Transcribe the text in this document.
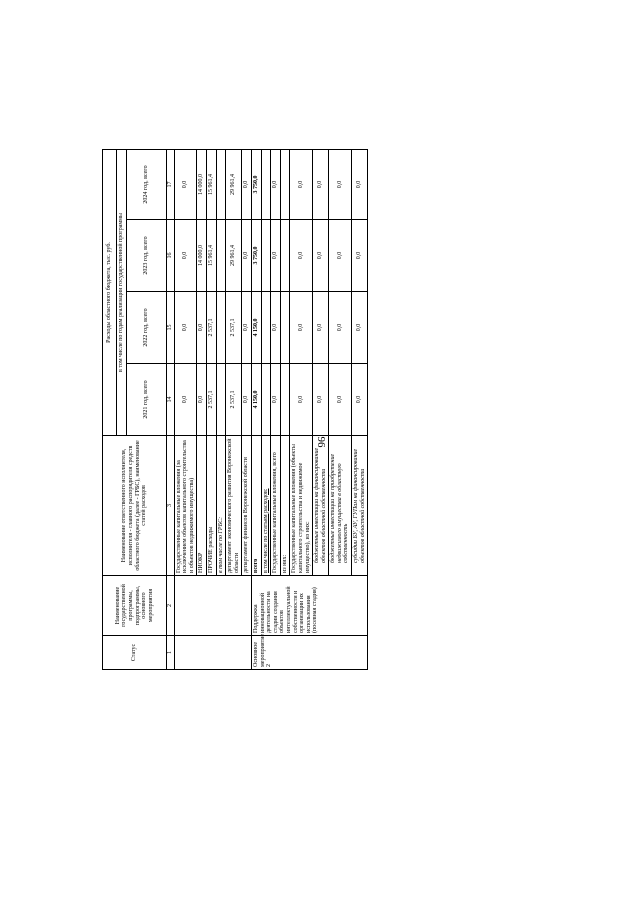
96
Статус	Наименование государственной программы, подпрограммы, основного мероприятия	Наименование ответственного исполнителя, исполнителя - главного распорядителя средств областного бюджета (далее - ГРБС), наименование статей расходов	Расходы областного бюджета, тыс. руб.			
			в том числе по годам реализации государственной программы			
			2021 год, всего	2022 год, всего	2023 год, всего	2024 год, всего
1	2	3	14	15	16	17
		Государственные капитальные вложения (за исключением объектов капитального строительства и объектов недвижимого имущества)	0,0	0,0	0,0	0,0
		НИОКР	0,0	0,0	14 000,0	14 000,0
		ПРОЧИЕ расходы	2 537,1	2 537,1	15 961,4	15 961,4
		в том числе по ГРБС:				
		департамент экономического развития Воронежской области	2 537,1	2 537,1	29 961,4	29 961,4
		департамент финансов Воронежской области	0,0	0,0	0,0	0,0
Основное мероприятие 2	Поддержка инновационной деятельности на стадии создания объектов интеллектуальной собственности и организации их использования (посевная стадия)	всего	4 150,0	4 150,0	3 750,0	3 750,0
		в том числе по статьям расходов:				
		Государственные капитальные вложения, всего	0,0	0,0	0,0	0,0
		из них:				
		Государственные капитальные вложения (объекты капитального строительства и недвижимое имущество), из них:	0,0	0,0	0,0	0,0
		бюджетные инвестиции на финансирование объектов областной собственности	0,0	0,0	0,0	0,0
		бюджетные инвестиции на приобретение недвижимого имущества в областную собственность	0,0	0,0	0,0	0,0
		субсидии БУ, АУ, ГУПам на финансирование объектов областной собственности	0,0	0,0	0,0	0,0
